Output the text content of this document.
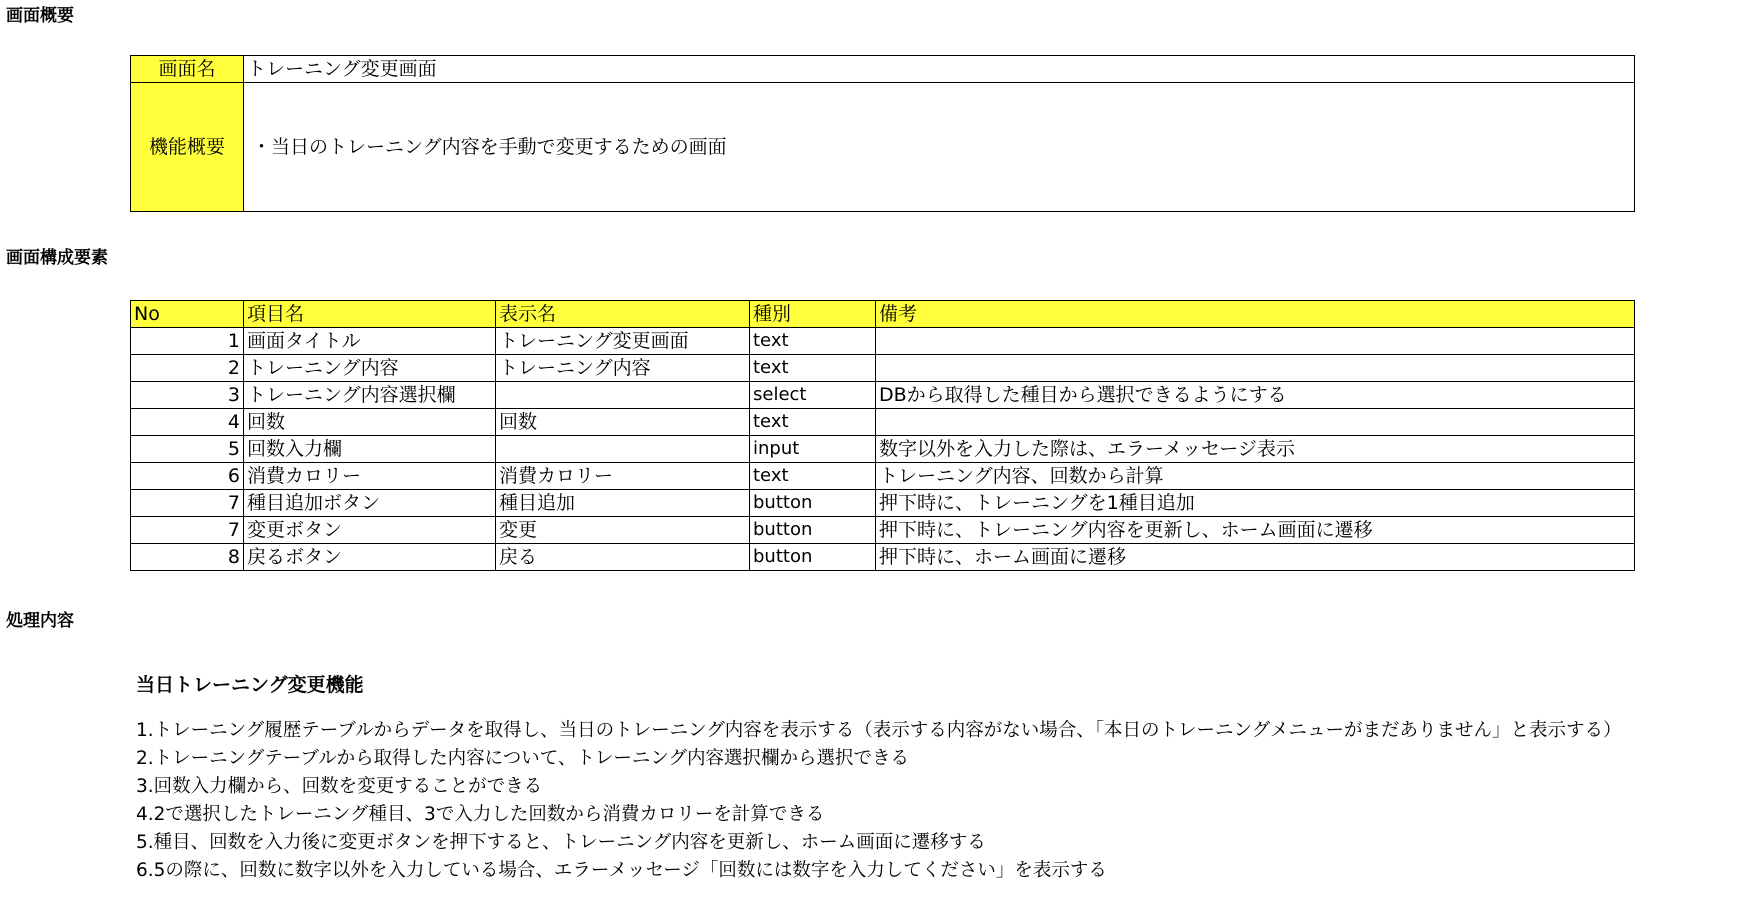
画面概要
画面名	トレーニング変更画面
機能概要	・当日のトレーニング内容を手動で変更するための画面
画面構成要素
No	項目名	表示名	種別	備考
1	画面タイトル	トレーニング変更画面	text	
2	トレーニング内容	トレーニング内容	text	
3	トレーニング内容選択欄		select	DBから取得した種目から選択できるようにする
4	回数	回数	text	
5	回数入力欄		input	数字以外を入力した際は、エラーメッセージ表示
6	消費カロリー	消費カロリー	text	トレーニング内容、回数から計算
7	種目追加ボタン	種目追加	button	押下時に、トレーニングを1種目追加
7	変更ボタン	変更	button	押下時に、トレーニング内容を更新し、ホーム画面に遷移
8	戻るボタン	戻る	button	押下時に、ホーム画面に遷移
処理内容
当日トレーニング変更機能
1.トレーニング履歴テーブルからデータを取得し、当日のトレーニング内容を表示する（表示する内容がない場合、「本日のトレーニングメニューがまだありません」と表示する）
2.トレーニングテーブルから取得した内容について、トレーニング内容選択欄から選択できる
3.回数入力欄から、回数を変更することができる
4.2で選択したトレーニング種目、3で入力した回数から消費カロリーを計算できる
5.種目、回数を入力後に変更ボタンを押下すると、トレーニング内容を更新し、ホーム画面に遷移する
6.5の際に、回数に数字以外を入力している場合、エラーメッセージ「回数には数字を入力してください」を表示する
